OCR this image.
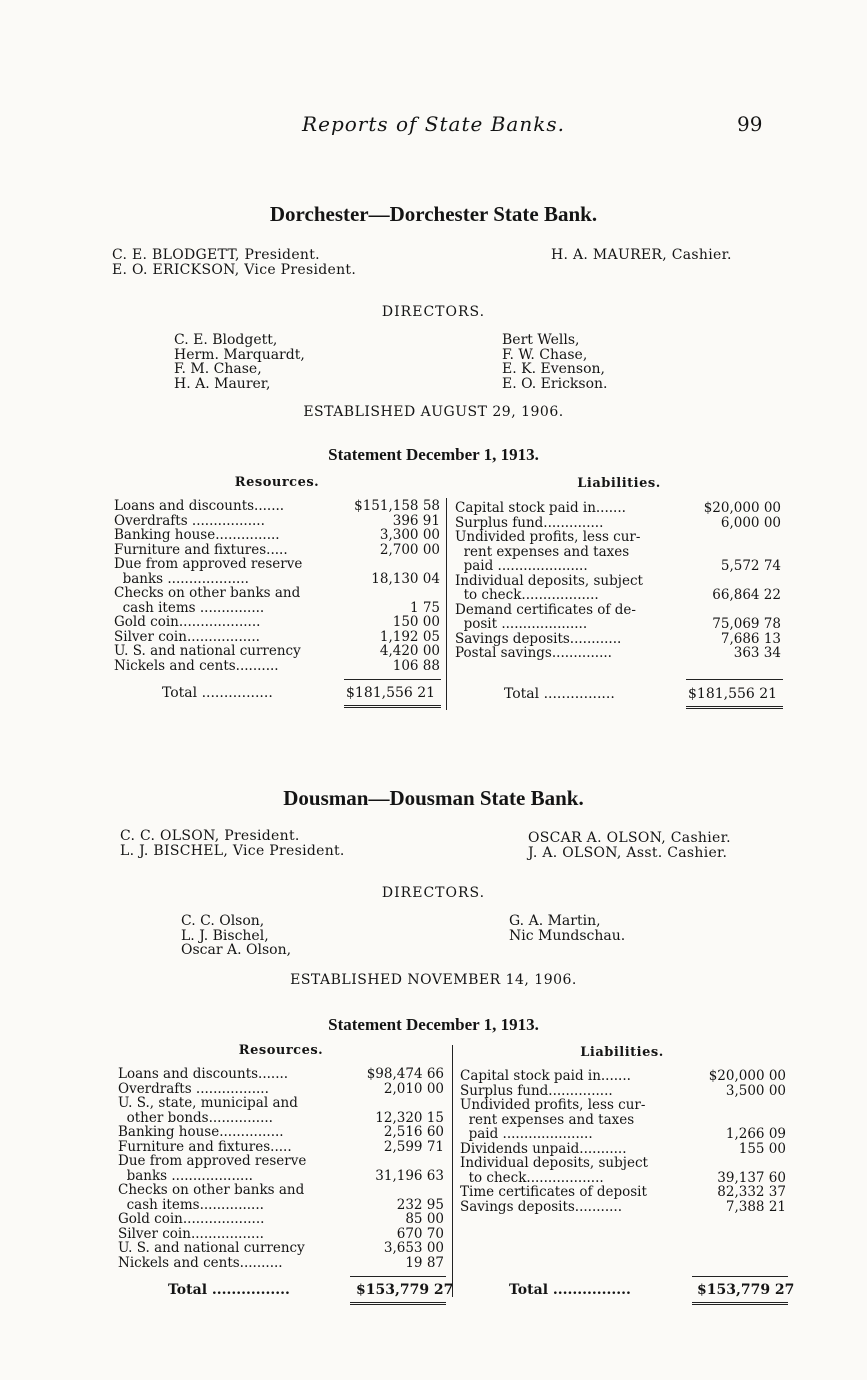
Reports of State Banks.	99
Dorchester—Dorchester State Bank.
C. E. BLODGETT, President.
E. O. ERICKSON, Vice President.
H. A. MAURER, Cashier.
DIRECTORS.
C. E. Blodgett,
Herm. Marquardt,
F. M. Chase,
H. A. Maurer,
Bert Wells,
F. W. Chase,
E. K. Evenson,
E. O. Erickson.
ESTABLISHED AUGUST 29, 1906.
Statement December 1, 1913.
Resources.	Liabilities.
Loans and discounts.......	$151,158 58
Overdrafts .................	396 91
Banking house...............	3,300 00
Furniture and fixtures.....	2,700 00
Due from approved reserve
banks ...................	18,130 04
Checks on other banks and
cash items ...............	1 75
Gold coin...................	150 00
Silver coin.................	1,192 05
U. S. and national currency	4,420 00
Nickels and cents..........	106 88
Capital stock paid in.......	$20,000 00
Surplus fund..............	6,000 00
Undivided profits, less cur-
rent expenses and taxes
paid .....................	5,572 74
Individual deposits, subject
to check..................	66,864 22
Demand certificates of de-
posit ....................	75,069 78
Savings deposits............	7,686 13
Postal savings..............	363 34
Total ................	$181,556 21	Total ................	$181,556 21
Dousman—Dousman State Bank.
C. C. OLSON, President.
L. J. BISCHEL, Vice President.
OSCAR A. OLSON, Cashier.
J. A. OLSON, Asst. Cashier.
DIRECTORS.
C. C. Olson,
L. J. Bischel,
Oscar A. Olson,
G. A. Martin,
Nic Mundschau.
ESTABLISHED NOVEMBER 14, 1906.
Statement December 1, 1913.
Resources.	Liabilities.
Loans and discounts.......	$98,474 66
Overdrafts .................	2,010 00
U. S., state, municipal and
other bonds...............	12,320 15
Banking house...............	2,516 60
Furniture and fixtures.....	2,599 71
Due from approved reserve
banks ...................	31,196 63
Checks on other banks and
cash items...............	232 95
Gold coin...................	85 00
Silver coin.................	670 70
U. S. and national currency	3,653 00
Nickels and cents..........	19 87
Capital stock paid in.......	$20,000 00
Surplus fund...............	3,500 00
Undivided profits, less cur-
rent expenses and taxes
paid .....................	1,266 09
Dividends unpaid...........	155 00
Individual deposits, subject
to check..................	39,137 60
Time certificates of deposit	82,332 37
Savings deposits...........	7,388 21
Total ................	$153,779 27	Total ................	$153,779 27
